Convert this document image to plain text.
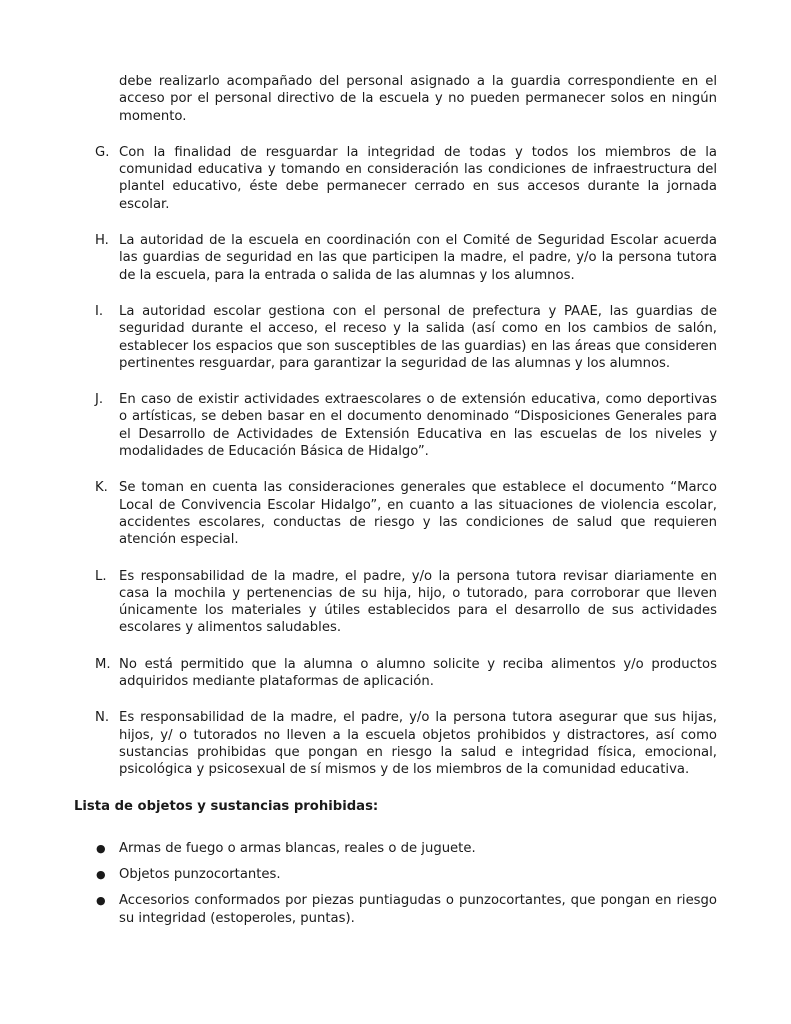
debe realizarlo acompañado del personal asignado a la guardia correspondiente en el acceso por el personal directivo de la escuela y no pueden permanecer solos en ningún momento.

G. Con la finalidad de resguardar la integridad de todas y todos los miembros de la comunidad educativa y tomando en consideración las condiciones de infraestructura del plantel educativo, éste debe permanecer cerrado en sus accesos durante la jornada escolar.
H. La autoridad de la escuela en coordinación con el Comité de Seguridad Escolar acuerda las guardias de seguridad en las que participen la madre, el padre, y/o la persona tutora de la escuela, para la entrada o salida de las alumnas y los alumnos.
I.	La autoridad escolar gestiona con el personal de prefectura y PAAE, las guardias de seguridad durante el acceso, el receso y la salida (así como en los cambios de salón, establecer los espacios que son susceptibles de las guardias) en las áreas que consideren pertinentes resguardar, para garantizar la seguridad de las alumnas y los alumnos.
J.	En caso de existir actividades extraescolares o de extensión educativa, como deportivas o artísticas, se deben basar en el documento denominado “Disposiciones Generales para el Desarrollo de Actividades de Extensión Educativa en las escuelas de los niveles y modalidades de Educación Básica de Hidalgo”.
K. Se toman en cuenta las consideraciones generales que establece el documento “Marco Local de Convivencia Escolar Hidalgo”, en cuanto a las situaciones de violencia escolar, accidentes escolares, conductas de riesgo y las condiciones de salud que requieren atención especial.
L. Es responsabilidad de la madre, el padre, y/o la persona tutora revisar diariamente en casa la mochila y pertenencias de su hija, hijo, o tutorado, para corroborar que lleven únicamente los materiales y útiles establecidos para el desarrollo de sus actividades escolares y alimentos saludables.
M. No está permitido que la alumna o alumno solicite y reciba alimentos y/o productos adquiridos mediante plataformas de aplicación.
N. Es responsabilidad de la madre, el padre, y/o la persona tutora asegurar que sus hijas, hijos, y/ o tutorados no lleven a la escuela objetos prohibidos y distractores, así como sustancias prohibidas que pongan en riesgo la salud e integridad física, emocional, psicológica y psicosexual de sí mismos y de los miembros de la comunidad educativa.

Lista de objetos y sustancias prohibidas:

●	Armas de fuego o armas blancas, reales o de juguete.
●	Objetos punzocortantes.
●	Accesorios conformados por piezas puntiagudas o punzocortantes, que pongan en riesgo su integridad (estoperoles, puntas).
